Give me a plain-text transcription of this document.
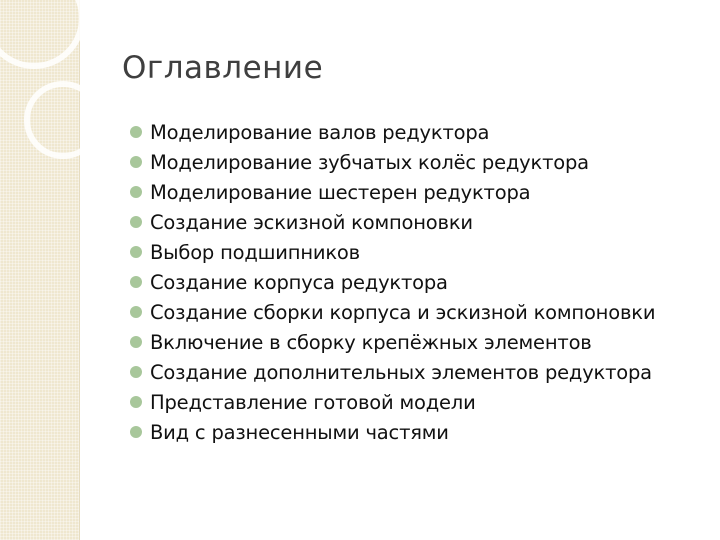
Оглавление
Моделирование валов редуктора
Моделирование зубчатых колёс редуктора
Моделирование шестерен редуктора
Создание эскизной компоновки
Выбор подшипников
Создание корпуса редуктора
Создание сборки корпуса и эскизной компоновки
Включение в сборку крепёжных элементов
Создание дополнительных элементов редуктора
Представление готовой модели
Вид с разнесенными частями
